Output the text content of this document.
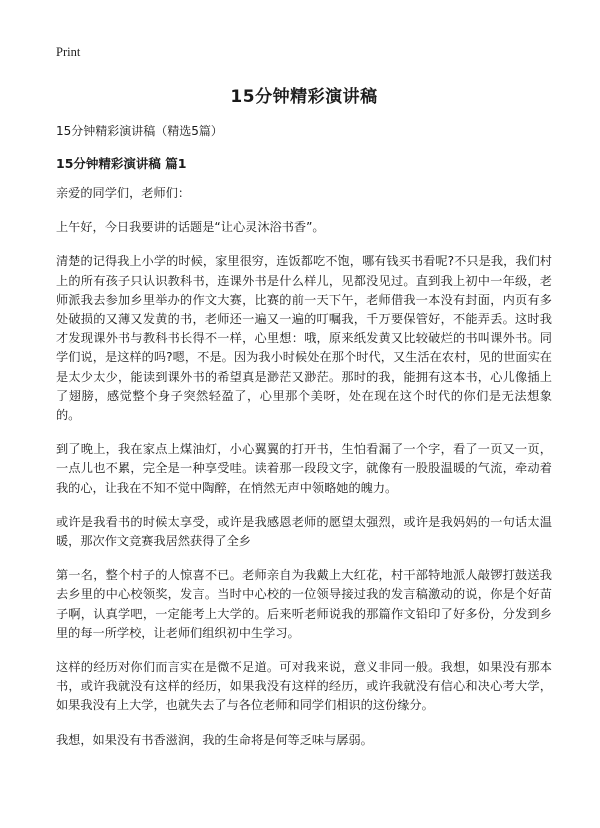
Print
15分钟精彩演讲稿

15分钟精彩演讲稿（精选5篇）

15分钟精彩演讲稿 篇1

亲爱的同学们，老师们：

上午好，今日我要讲的话题是“让心灵沐浴书香”。

清楚的记得我上小学的时候，家里很穷，连饭都吃不饱，哪有钱买书看呢?不只是我，我们村上的所有孩子只认识教科书，连课外书是什么样儿，见都没见过。直到我上初中一年级，老师派我去参加乡里举办的作文大赛，比赛的前一天下午，老师借我一本没有封面，内页有多处破损的又薄又发黄的书，老师还一遍又一遍的叮嘱我，千万要保管好，不能弄丢。这时我才发现课外书与教科书长得不一样，心里想：哦，原来纸发黄又比较破烂的书叫课外书。同学们说，是这样的吗?嗯，不是。因为我小时候处在那个时代，又生活在农村，见的世面实在是太少太少，能读到课外书的希望真是渺茫又渺茫。那时的我，能拥有这本书，心儿像插上了翅膀，感觉整个身子突然轻盈了，心里那个美呀，处在现在这个时代的你们是无法想象的。

到了晚上，我在家点上煤油灯，小心翼翼的打开书，生怕看漏了一个字，看了一页又一页，一点儿也不累，完全是一种享受哇。读着那一段段文字，就像有一股股温暖的气流，牵动着我的心，让我在不知不觉中陶醉，在悄然无声中领略她的魄力。

或许是我看书的时候太享受，或许是我感恩老师的愿望太强烈，或许是我妈妈的一句话太温暖，那次作文竞赛我居然获得了全乡

第一名，整个村子的人惊喜不已。老师亲自为我戴上大红花，村干部特地派人敲锣打鼓送我去乡里的中心校领奖，发言。当时中心校的一位领导接过我的发言稿激动的说，你是个好苗子啊，认真学吧，一定能考上大学的。后来听老师说我的那篇作文铅印了好多份，分发到乡里的每一所学校，让老师们组织初中生学习。

这样的经历对你们而言实在是微不足道。可对我来说，意义非同一般。我想，如果没有那本书，或许我就没有这样的经历，如果我没有这样的经历，或许我就没有信心和决心考大学，如果我没有上大学，也就失去了与各位老师和同学们相识的这份缘分。

我想，如果没有书香滋润，我的生命将是何等乏味与孱弱。
